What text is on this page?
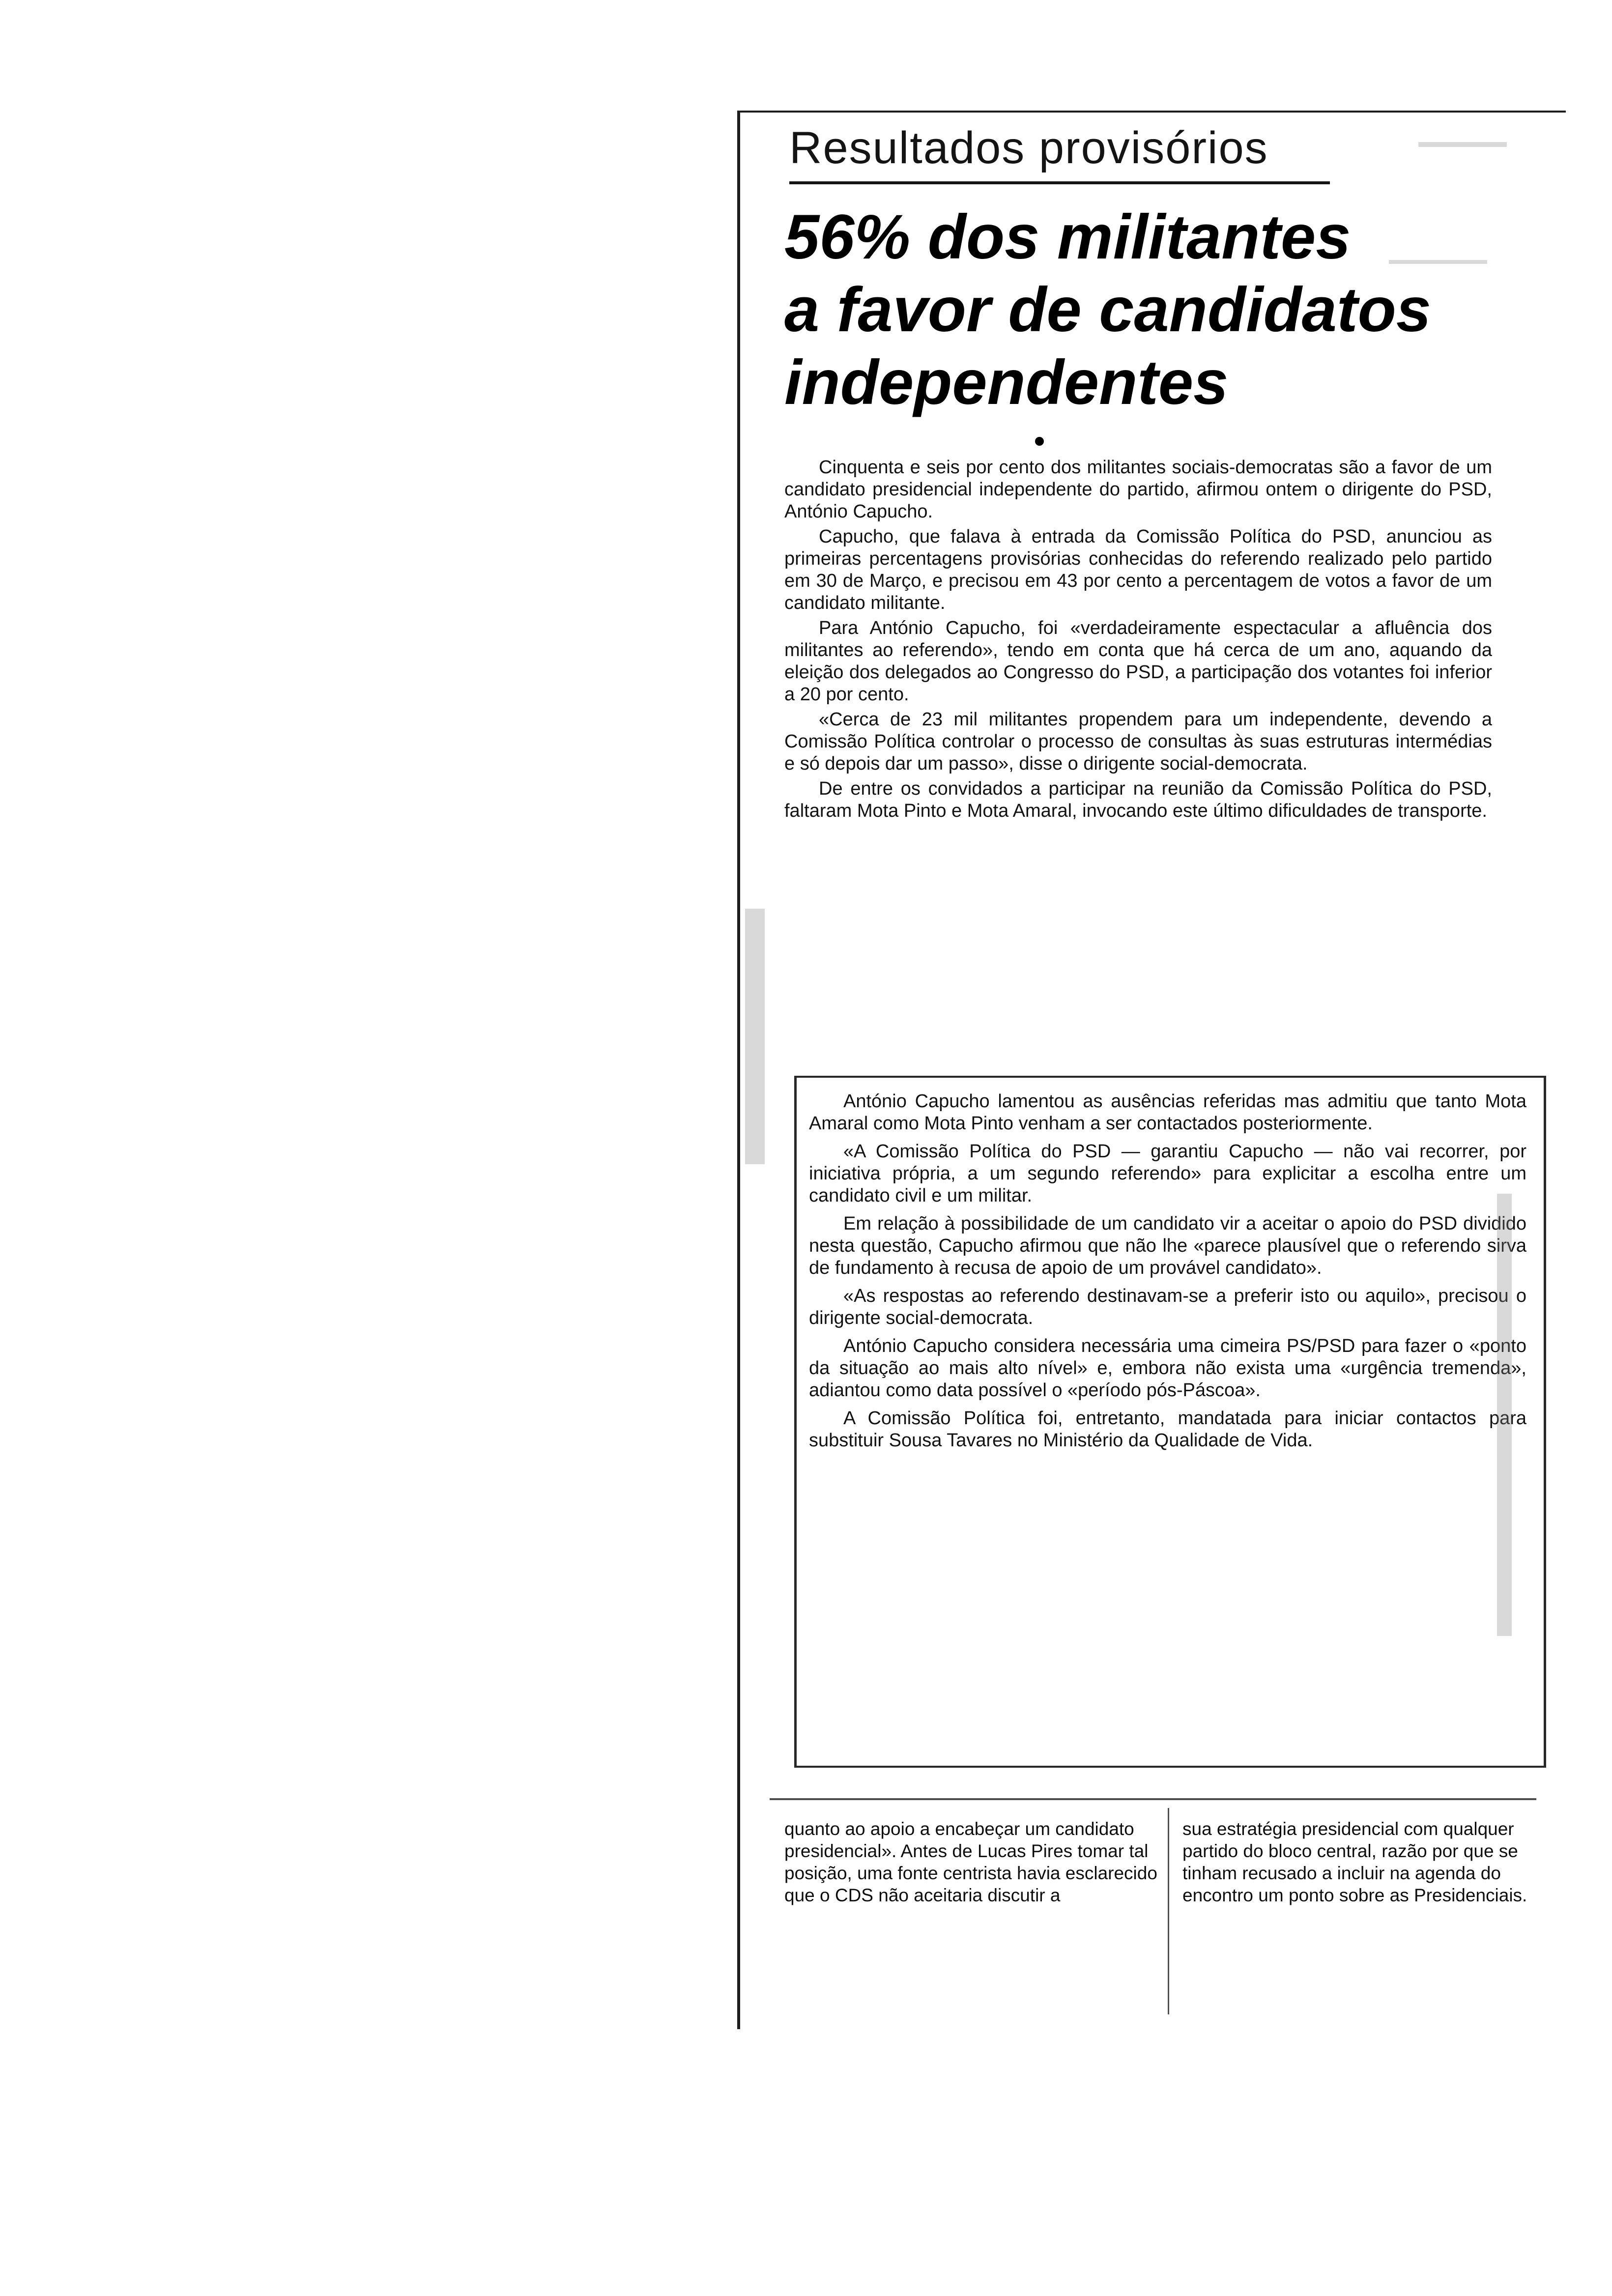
Resultados provisórios
56% dos militantes
a favor de candidatos
independentes

Cinquenta e seis por cento dos militantes sociais-democratas são a favor de um candidato presidencial independente do partido, afirmou ontem o dirigente do PSD, António Capucho.

Capucho, que falava à entrada da Comissão Política do PSD, anunciou as primeiras percentagens provisórias conhecidas do referendo realizado pelo partido em 30 de Março, e precisou em 43 por cento a percentagem de votos a favor de um candidato militante.

Para António Capucho, foi «verdadeiramente espectacular a afluência dos militantes ao referendo», tendo em conta que há cerca de um ano, aquando da eleição dos delegados ao Congresso do PSD, a participação dos votantes foi inferior a 20 por cento.

«Cerca de 23 mil militantes propendem para um independente, devendo a Comissão Política controlar o processo de consultas às suas estruturas intermédias e só depois dar um passo», disse o dirigente social-democrata.

De entre os convidados a participar na reunião da Comissão Política do PSD, faltaram Mota Pinto e Mota Amaral, invocando este último dificuldades de transporte.

António Capucho lamentou as ausências referidas mas admitiu que tanto Mota Amaral como Mota Pinto venham a ser contactados posteriormente.

«A Comissão Política do PSD — garantiu Capucho — não vai recorrer, por iniciativa própria, a um segundo referendo» para explicitar a escolha entre um candidato civil e um militar.

Em relação à possibilidade de um candidato vir a aceitar o apoio do PSD dividido nesta questão, Capucho afirmou que não lhe «parece plausível que o referendo sirva de fundamento à recusa de apoio de um provável candidato».

«As respostas ao referendo destinavam-se a preferir isto ou aquilo», precisou o dirigente social-democrata.

António Capucho considera necessária uma cimeira PS/PSD para fazer o «ponto da situação ao mais alto nível» e, embora não exista uma «urgência tremenda», adiantou como data possível o «período pós-Páscoa».

A Comissão Política foi, entretanto, mandatada para iniciar contactos para substituir Sousa Tavares no Ministério da Qualidade de Vida.

quanto ao apoio a encabeçar um candidato presidencial». Antes de Lucas Pires tomar tal posição, uma fonte centrista havia esclarecido que o CDS não aceitaria discutir a
sua estratégia presidencial com qualquer partido do bloco central, razão por que se tinham recusado a incluir na agenda do encontro um ponto sobre as Presidenciais.
